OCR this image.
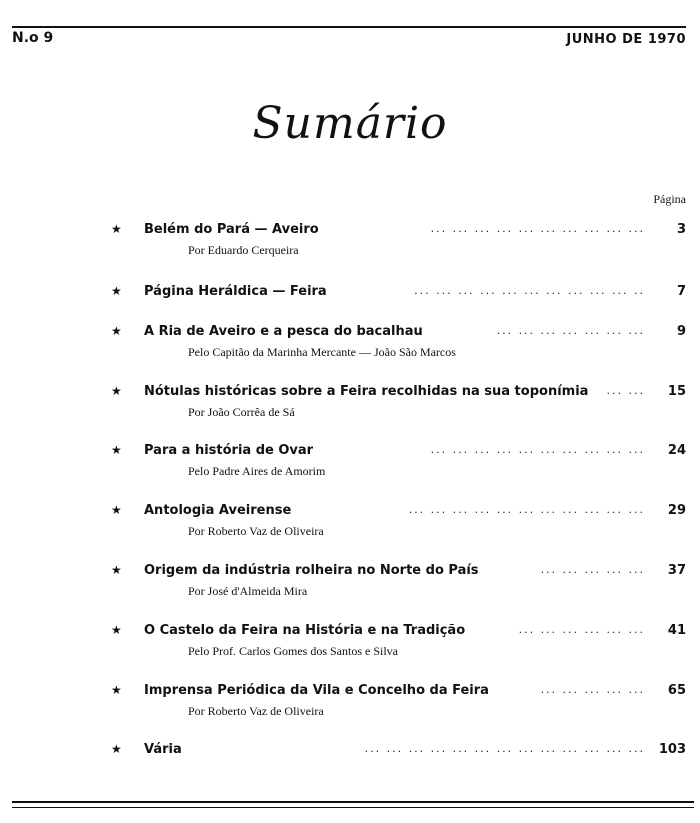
N.o 9	JUNHO DE 1970
Sumário
Página
★ Belém do Pará — Aveiro	... ... ... ... ... ... ... ... ... ... 3
Por Eduardo Cerqueira
★ Página Heráldica — Feira	.. ... ... ... ... ... ... ... ... ... ... 7
★ A Ria de Aveiro e a pesca do bacalhau	... ... ... ... ... ... ... 9
Pelo Capitão da Marinha Mercante — João São Marcos
★ Nótulas históricas sobre a Feira recolhidas na sua toponímia ... ... 15
Por João Corrêa de Sá
★ Para a história de Ovar	... ... ... ... ... ... ... ... ... ... 24
Pelo Padre Aires de Amorim
★ Antologia Aveirense	... ... ... ... ... ... ... ... ... ... ... 29
Por Roberto Vaz de Oliveira
★ Origem da indústria rolheira no Norte do País	... ... ... ... ... 37
Por José d'Almeida Mira
★ O Castelo da Feira na História e na Tradição	... ... ... ... ... ... 41
Pelo Prof. Carlos Gomes dos Santos e Silva
★ Imprensa Periódica da Vila e Concelho da Feira	... ... ... ... ... 65
Por Roberto Vaz de Oliveira
★ Vária	... ... ... ... ... ... ... ... ... ... ... ... ... 103
